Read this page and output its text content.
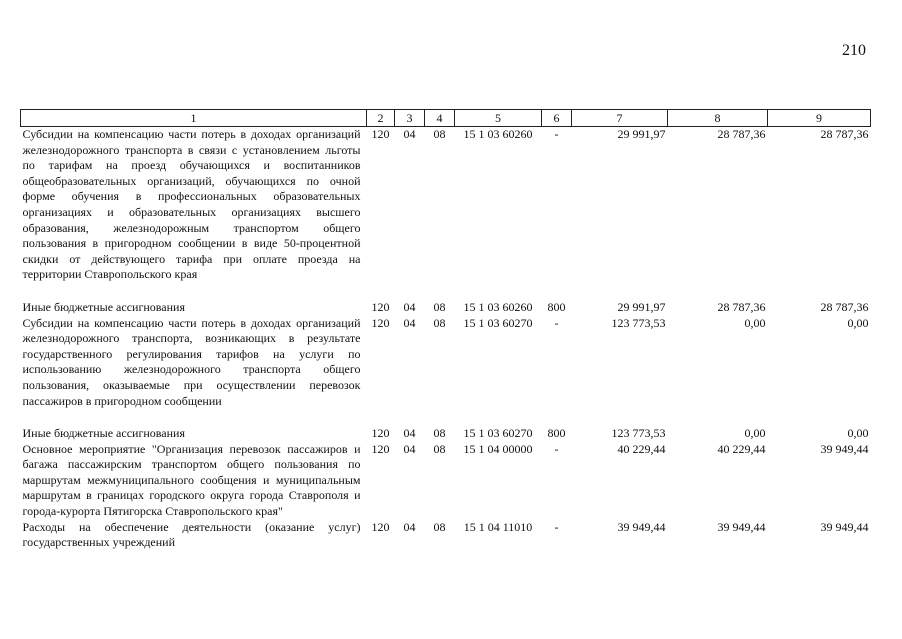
210
1	2	3	4	5	6	7	8	9
Субсидии на компенсацию части потерь в доходах организаций железнодорожного транспорта в связи с установлением льготы по тарифам на проезд обучающихся и воспитанников общеобразовательных организаций, обучающихся по очной форме обучения в профессиональных образовательных организациях и образовательных организациях высшего образования, железнодорожным транспортом общего пользования в пригородном сообщении в виде 50-процентной скидки от действующего тарифа при оплате проезда на территории Ставропольского края	120	04	08	15 1 03 60260	-	29 991,97	28 787,36	28 787,36

Иные бюджетные ассигнования	120	04	08	15 1 03 60260	800	29 991,97	28 787,36	28 787,36
Субсидии на компенсацию части потерь в доходах организаций железнодорожного транспорта, возникающих в результате государственного регулирования тарифов на услуги по использованию железнодорожного транспорта общего пользования, оказываемые при осуществлении перевозок пассажиров в пригородном сообщении	120	04	08	15 1 03 60270	-	123 773,53	0,00	0,00

Иные бюджетные ассигнования	120	04	08	15 1 03 60270	800	123 773,53	0,00	0,00
Основное мероприятие "Организация перевозок пассажиров и багажа пассажирским транспортом общего пользования по маршрутам межмуниципального сообщения и муниципальным маршрутам в границах городского округа города Ставрополя и города-курорта Пятигорска Ставропольского края"	120	04	08	15 1 04 00000	-	40 229,44	40 229,44	39 949,44
Расходы на обеспечение деятельности (оказание услуг) государственных учреждений	120	04	08	15 1 04 11010	-	39 949,44	39 949,44	39 949,44
